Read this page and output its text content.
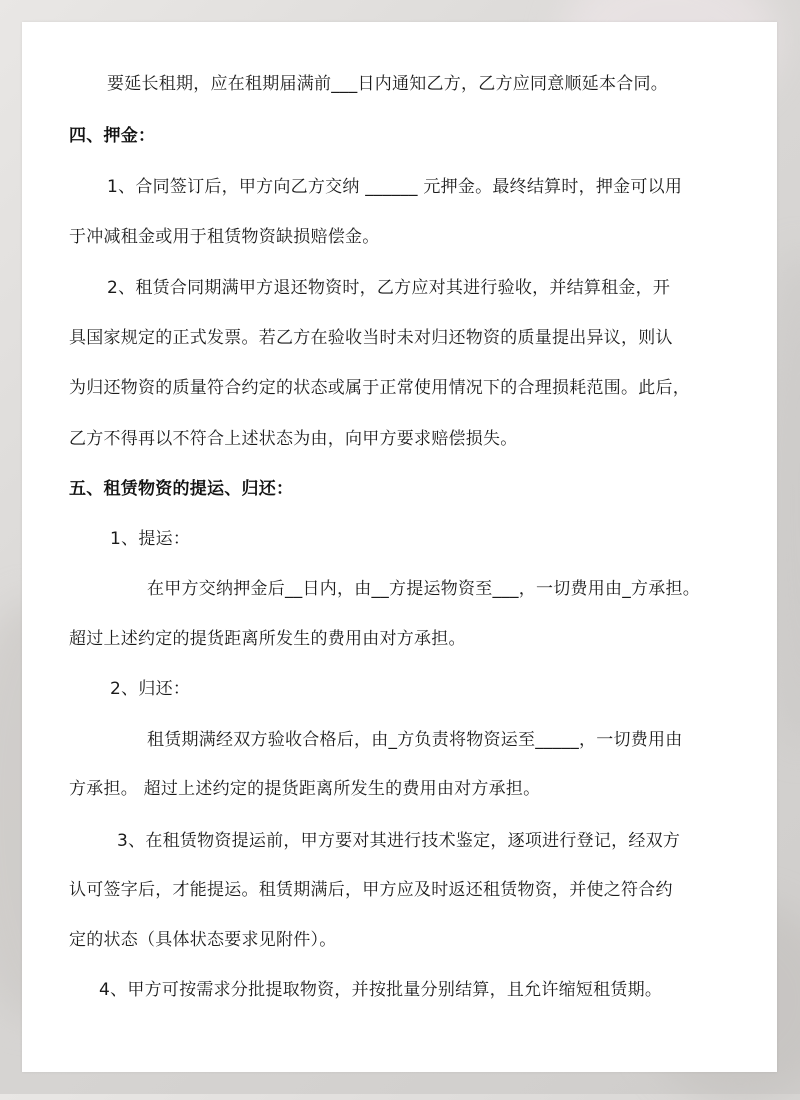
要延长租期，应在租期届满前___日内通知乙方，乙方应同意顺延本合同。
四、押金：
1、合同签订后，甲方向乙方交纳 ______ 元押金。最终结算时，押金可以用
于冲减租金或用于租赁物资缺损赔偿金。
2、租赁合同期满甲方退还物资时，乙方应对其进行验收，并结算租金，开
具国家规定的正式发票。若乙方在验收当时未对归还物资的质量提出异议，则认
为归还物资的质量符合约定的状态或属于正常使用情况下的合理损耗范围。此后，
乙方不得再以不符合上述状态为由，向甲方要求赔偿损失。
五、租赁物资的提运、归还：
1、提运：
在甲方交纳押金后__日内，由__方提运物资至___，一切费用由_方承担。
超过上述约定的提货距离所发生的费用由对方承担。
2、归还：
租赁期满经双方验收合格后，由_方负责将物资运至_____，一切费用由
方承担。 超过上述约定的提货距离所发生的费用由对方承担。
3、在租赁物资提运前，甲方要对其进行技术鉴定，逐项进行登记，经双方
认可签字后，才能提运。租赁期满后，甲方应及时返还租赁物资，并使之符合约
定的状态（具体状态要求见附件）。
4、甲方可按需求分批提取物资，并按批量分别结算，且允许缩短租赁期。
